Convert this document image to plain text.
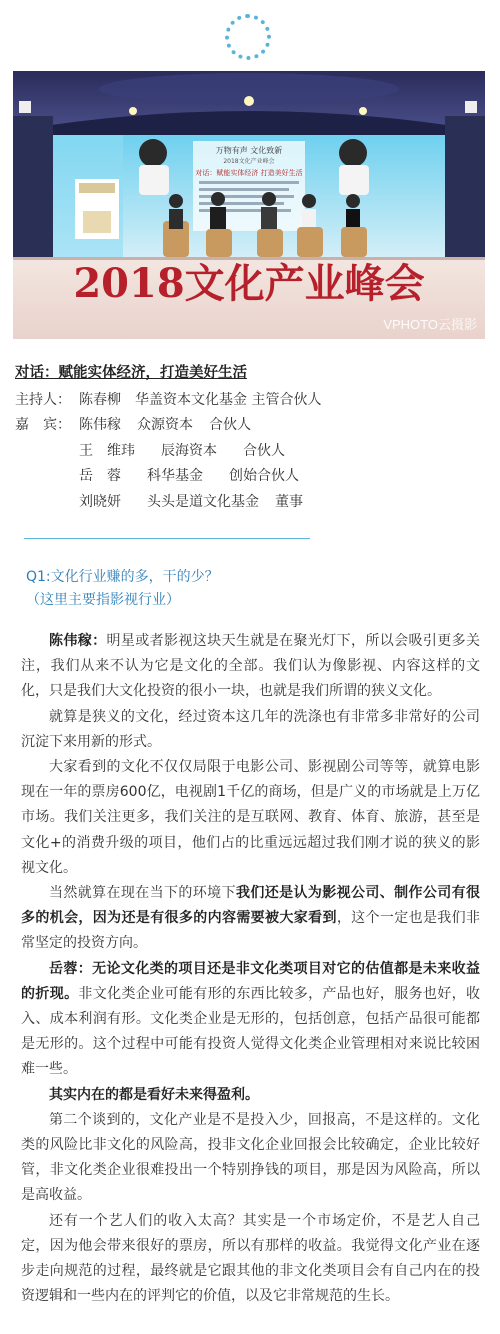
万物有声 文化致新
2018文化产业峰会
对话：赋能实体经济 打造美好生活
2018文化产业峰会
悦界
VPHOTO云摄影
对话：赋能实体经济，打造美好生活
主持人： 陈春柳　华盖资本文化基金 主管合伙人
嘉　宾： 陈伟稼 众源资本 合伙人
王　维玮 辰海资本 合伙人
岳　蓉 科华基金 创始合伙人
刘晓妍 头头是道文化基金 董事
Q1:文化行业赚的多，干的少？
（这里主要指影视行业）

陈伟稼：明星或者影视这块天生就是在聚光灯下，所以会吸引更多关注，我们从来不认为它是文化的全部。我们认为像影视、内容这样的文化，只是我们大文化投资的很小一块，也就是我们所谓的狭义文化。

就算是狭义的文化，经过资本这几年的洗涤也有非常多非常好的公司沉淀下来用新的形式。

大家看到的文化不仅仅局限于电影公司、影视剧公司等等，就算电影现在一年的票房600亿，电视剧1千亿的商场，但是广义的市场就是上万亿市场。我们关注更多，我们关注的是互联网、教育、体育、旅游，甚至是文化+的消费升级的项目，他们占的比重远远超过我们刚才说的狭义的影视文化。

当然就算在现在当下的环境下我们还是认为影视公司、制作公司有很多的机会，因为还是有很多的内容需要被大家看到，这个一定也是我们非常坚定的投资方向。

岳蓉：无论文化类的项目还是非文化类项目对它的估值都是未来收益的折现。非文化类企业可能有形的东西比较多，产品也好，服务也好，收入、成本利润有形。文化类企业是无形的，包括创意，包括产品很可能都是无形的。这个过程中可能有投资人觉得文化类企业管理相对来说比较困难一些。

其实内在的都是看好未来得盈利。

第二个谈到的，文化产业是不是投入少，回报高，不是这样的。文化类的风险比非文化的风险高，投非文化企业回报会比较确定，企业比较好管，非文化类企业很难投出一个特别挣钱的项目，那是因为风险高，所以是高收益。

还有一个艺人们的收入太高？其实是一个市场定价，不是艺人自己定，因为他会带来很好的票房，所以有那样的收益。我觉得文化产业在逐步走向规范的过程，最终就是它跟其他的非文化类项目会有自己内在的投资逻辑和一些内在的评判它的价值，以及它非常规范的生长。
